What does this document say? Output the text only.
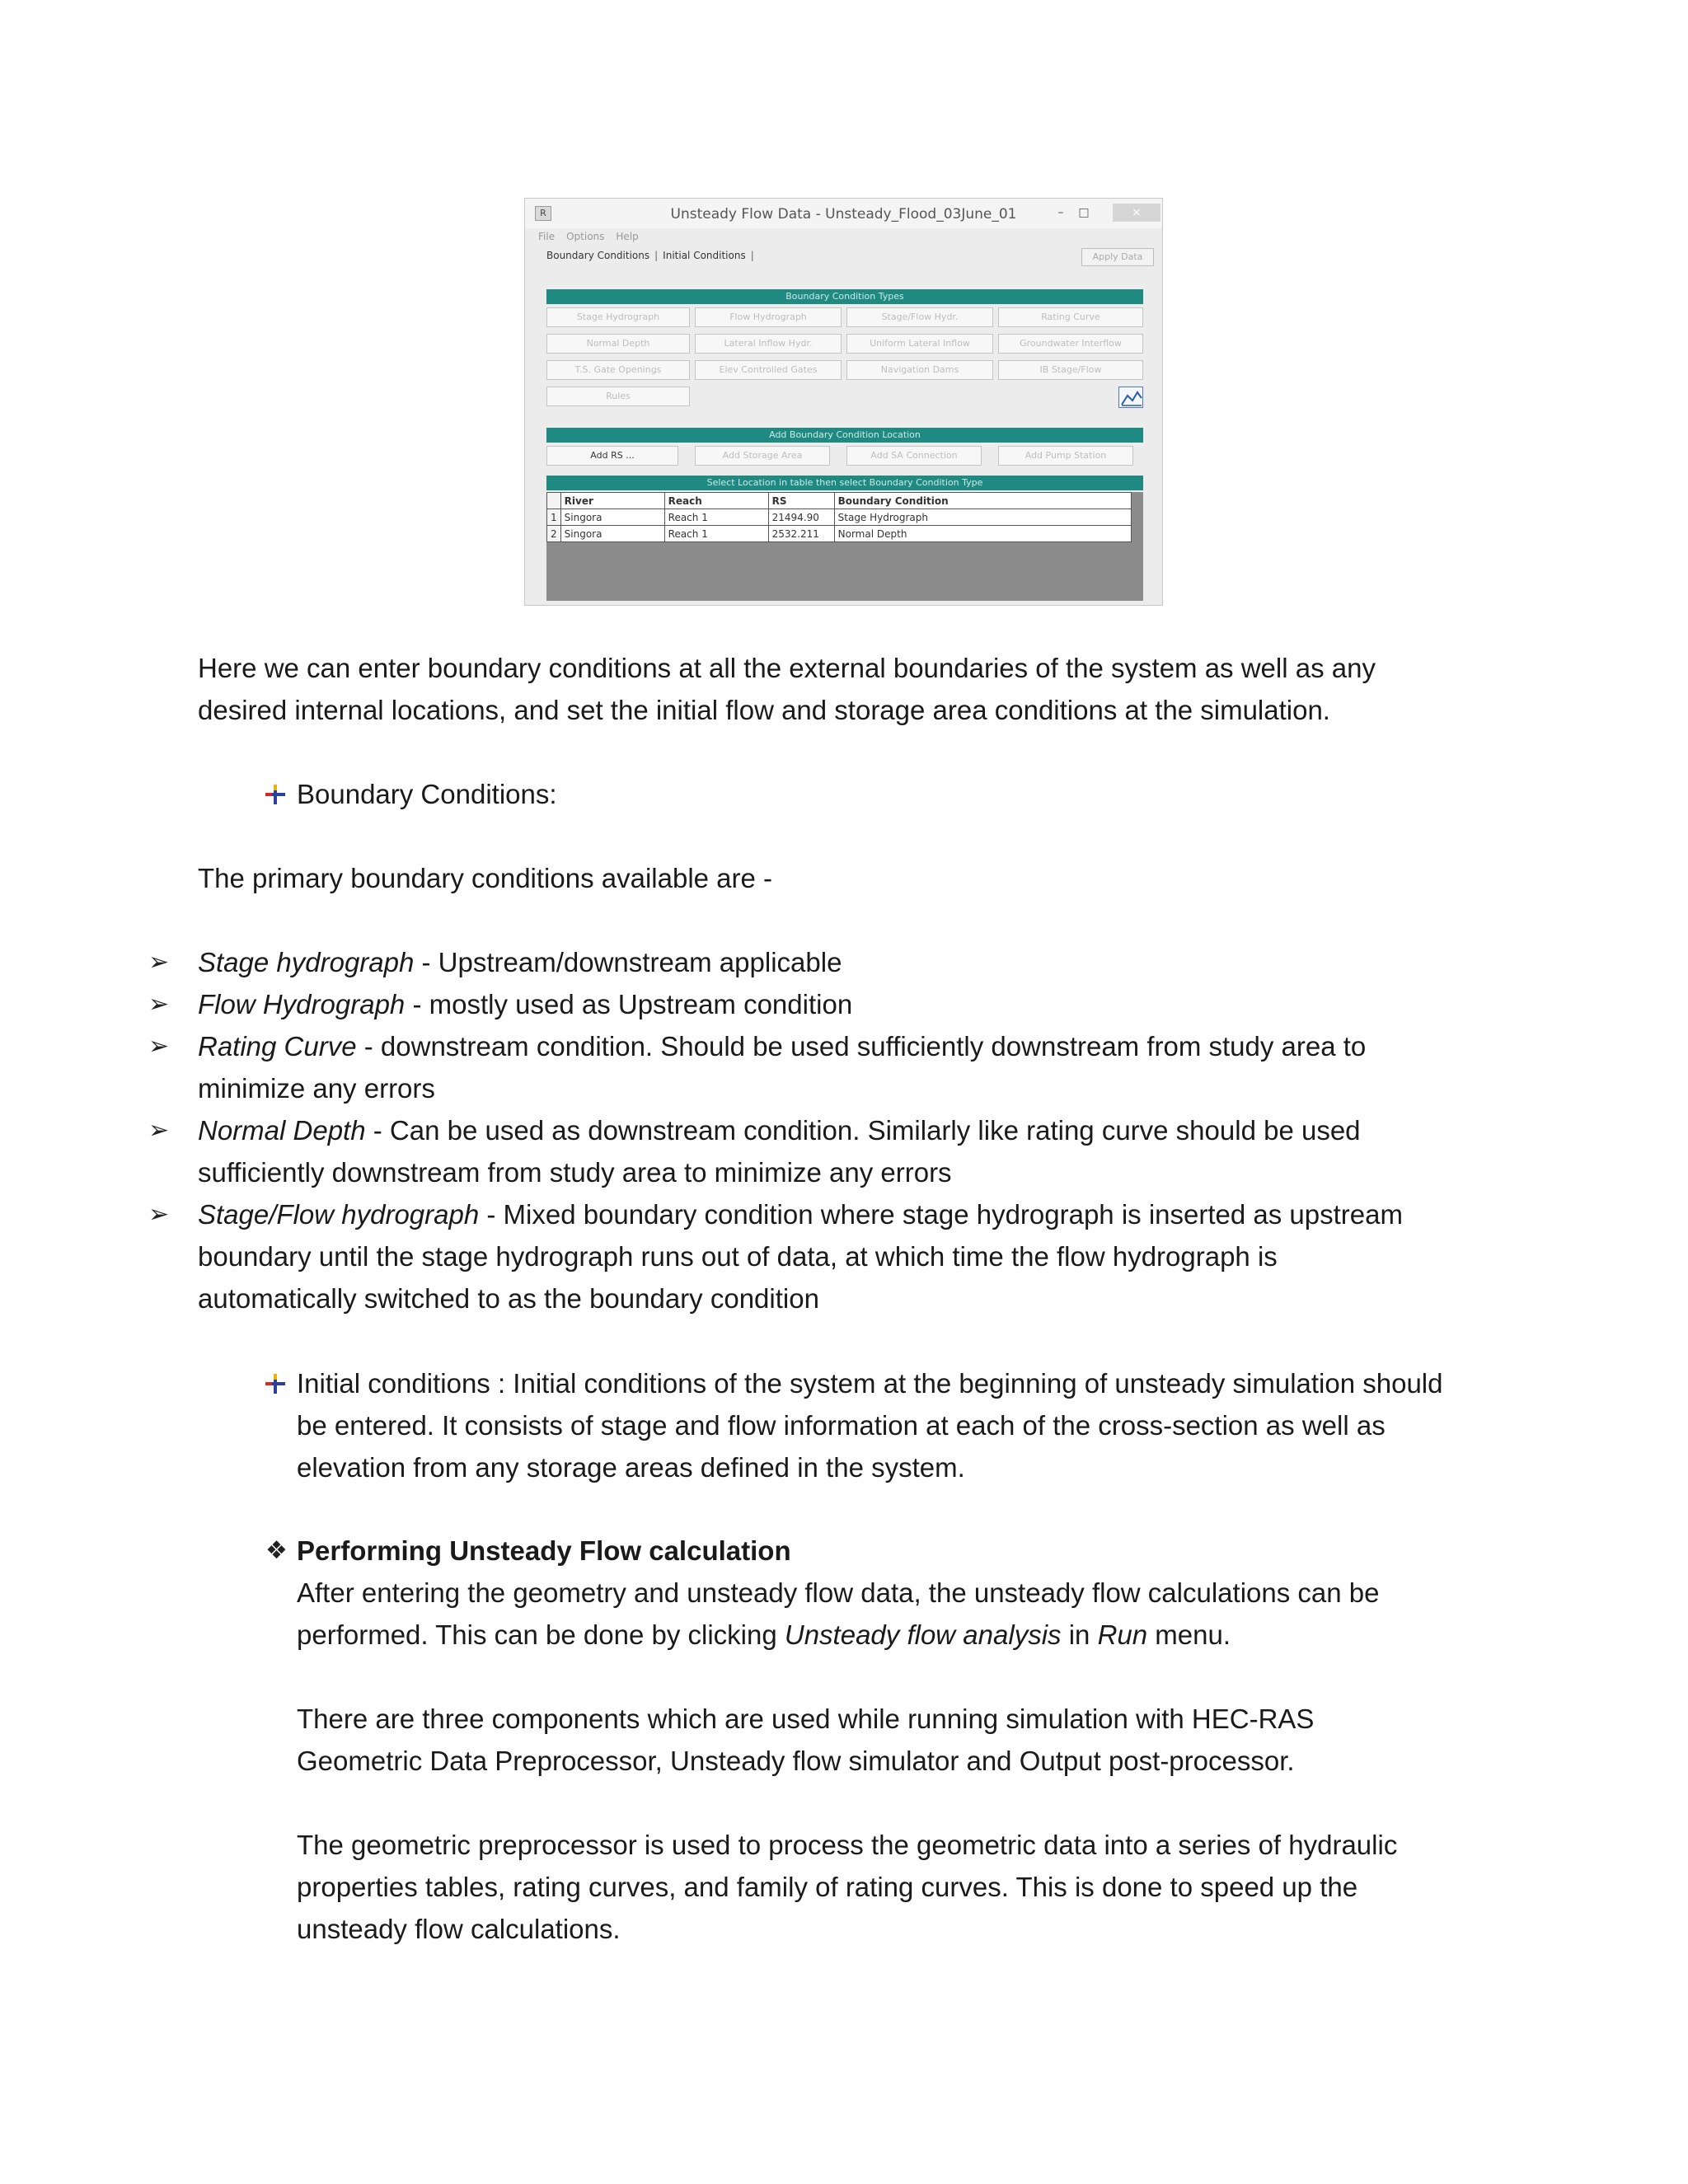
R	Unsteady Flow Data - Unsteady_Flood_03June_01	–	□	×
File Options Help
Boundary Conditions | Initial Conditions |	Apply Data
Boundary Condition Types
Stage Hydrograph	Flow Hydrograph	Stage/Flow Hydr.	Rating Curve
Normal Depth	Lateral Inflow Hydr.	Uniform Lateral Inflow	Groundwater Interflow
T.S. Gate Openings	Elev Controlled Gates	Navigation Dams	IB Stage/Flow
Rules
Add Boundary Condition Location
Add RS ...	Add Storage Area	Add SA Connection	Add Pump Station
Select Location in table then select Boundary Condition Type
	River	Reach	RS	Boundary Condition
1	Singora	Reach 1	21494.90	Stage Hydrograph
2	Singora	Reach 1	2532.211	Normal Depth
Here we can enter boundary conditions at all the external boundaries of the system as well as any
desired internal locations, and set the initial flow and storage area conditions at the simulation.
Boundary Conditions:
The primary boundary conditions available are -
➢	Stage hydrograph - Upstream/downstream applicable
➢	Flow Hydrograph - mostly used as Upstream condition
➢	Rating Curve - downstream condition. Should be used sufficiently downstream from study area to
minimize any errors
➢	Normal Depth - Can be used as downstream condition. Similarly like rating curve should be used
sufficiently downstream from study area to minimize any errors
➢	Stage/Flow hydrograph - Mixed boundary condition where stage hydrograph is inserted as upstream
boundary until the stage hydrograph runs out of data, at which time the flow hydrograph is
automatically switched to as the boundary condition
Initial conditions : Initial conditions of the system at the beginning of unsteady simulation should
be entered. It consists of stage and flow information at each of the cross-section as well as
elevation from any storage areas defined in the system.
❖ Performing Unsteady Flow calculation
After entering the geometry and unsteady flow data, the unsteady flow calculations can be
performed. This can be done by clicking Unsteady flow analysis in Run menu.
There are three components which are used while running simulation with HEC-RAS
Geometric Data Preprocessor, Unsteady flow simulator and Output post-processor.
The geometric preprocessor is used to process the geometric data into a series of hydraulic
properties tables, rating curves, and family of rating curves. This is done to speed up the
unsteady flow calculations.
